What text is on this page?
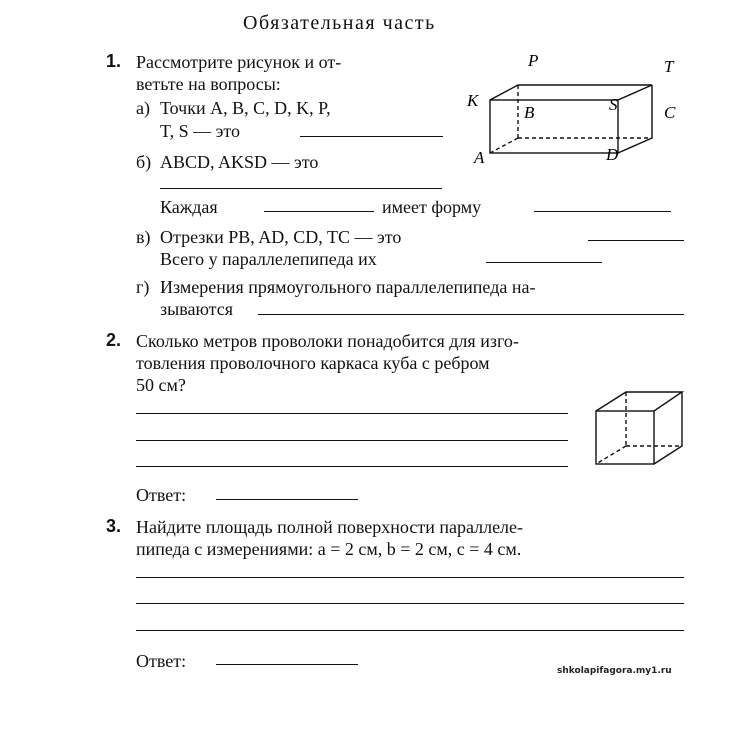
Обязательная часть
1. Рассмотрите рисунок и от-
ветьте на вопросы:
а) Точки A, B, C, D, K, P,
T, S — это
б) ABCD, AKSD — это
Каждая	имеет форму
в) Отрезки PB, AD, CD, TC — это
Всего у параллелепипеда их
г) Измерения прямоугольного параллелепипеда на-
зываются
P	T
K
B	S	C
A	D
2. Сколько метров проволоки понадобится для изго-
товления проволочного каркаса куба с ребром
50 см?
Ответ:
3. Найдите площадь полной поверхности параллеле-
пипеда с измерениями: a = 2 см, b = 2 см, c = 4 см.
Ответ:	shkolapifagora.my1.ru
